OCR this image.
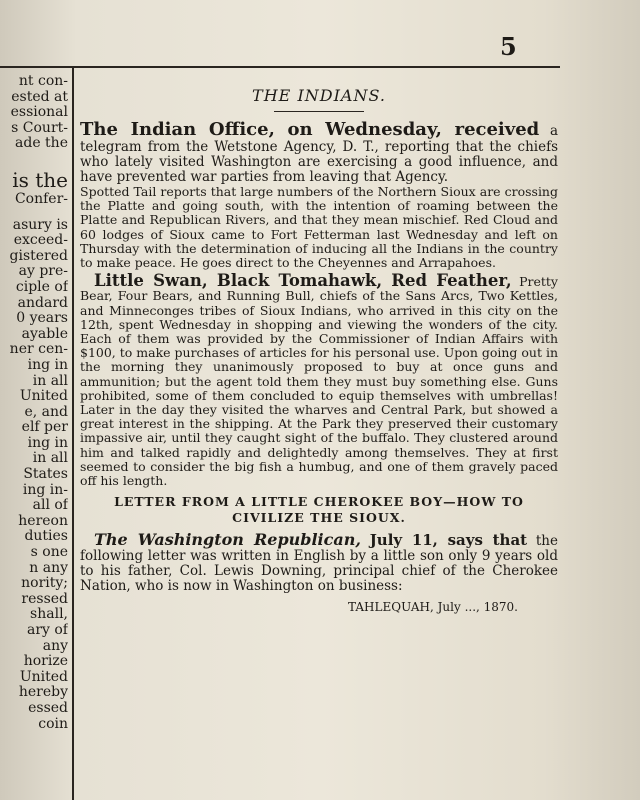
5
nt con-
ested at
essional
s Court-
ade the
is the
Confer-
asury is
exceed-
gistered
ay pre-
ciple of
andard
0 years
ayable
ner cen-
ing in
in all
United
e, and
elf per
ing in
in all
States
ing in-
all of
hereon
duties
s one
n any
nority;
ressed
shall,
ary of
any
horize
United
hereby
essed
coin
THE INDIANS.

The Indian Office, on Wednesday, received a telegram from the Wetstone Agency, D. T., reporting that the chiefs who lately visited Washington are exercising a good influence, and have prevented war parties from leaving that Agency.

Spotted Tail reports that large numbers of the Northern Sioux are crossing the Platte and going south, with the intention of roaming between the Platte and Republican Rivers, and that they mean mischief. Red Cloud and 60 lodges of Sioux came to Fort Fetterman last Wednesday and left on Thursday with the determination of inducing all the Indians in the country to make peace. He goes direct to the Cheyennes and Arrapahoes.

Little Swan, Black Tomahawk, Red Feather, Pretty Bear, Four Bears, and Running Bull, chiefs of the Sans Arcs, Two Kettles, and Minneconges tribes of Sioux Indians, who arrived in this city on the 12th, spent Wednesday in shopping and viewing the wonders of the city. Each of them was provided by the Commissioner of Indian Affairs with $100, to make purchases of articles for his personal use. Upon going out in the morning they unanimously proposed to buy at once guns and ammunition; but the agent told them they must buy something else. Guns prohibited, some of them concluded to equip themselves with umbrellas! Later in the day they visited the wharves and Central Park, but showed a great interest in the shipping. At the Park they preserved their customary impassive air, until they caught sight of the buffalo. They clustered around him and talked rapidly and delightedly among themselves. They at first seemed to consider the big fish a humbug, and one of them gravely paced off his length.

LETTER FROM A LITTLE CHEROKEE BOY—HOW TO CIVILIZE THE SIOUX.

The Washington Republican, July 11, says that the following letter was written in English by a little son only 9 years old to his father, Col. Lewis Downing, principal chief of the Cherokee Nation, who is now in Washington on business:

TAHLEQUAH, July ..., 1870.
